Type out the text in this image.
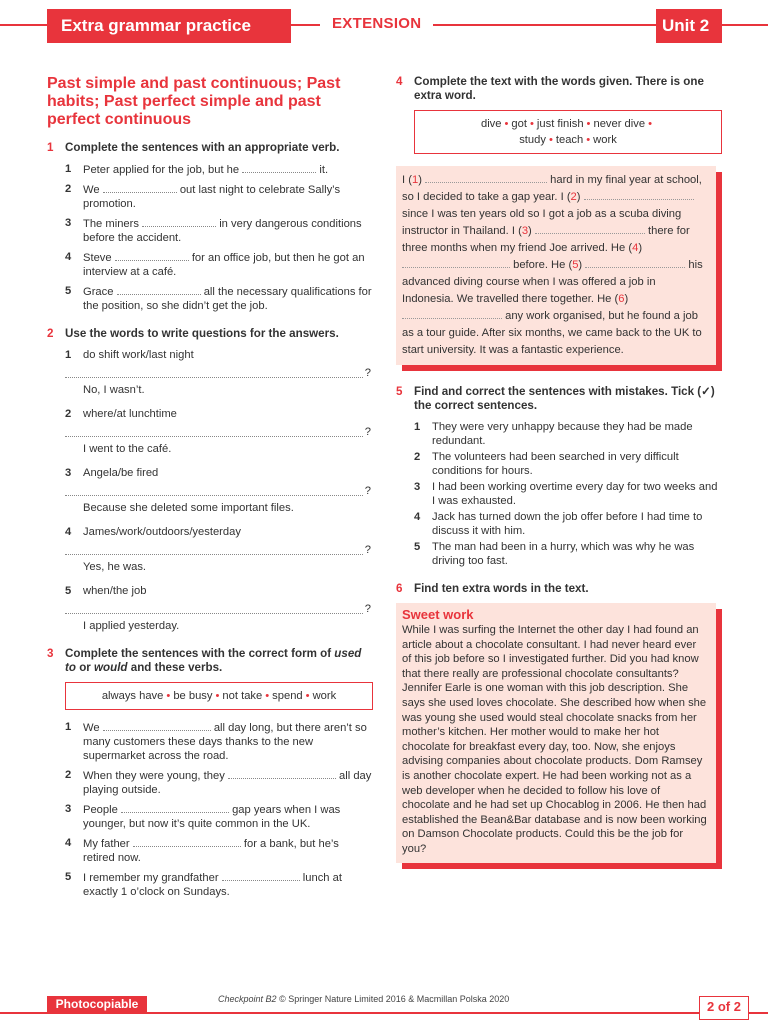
Extra grammar practice	EXTENSION	Unit 2
Past simple and past continuous; Past habits; Past perfect simple and past perfect continuous
1 Complete the sentences with an appropriate verb.
1	Peter applied for the job, but he	it.
2	We	out last night to celebrate Sally’s promotion.
3	The miners	in very dangerous conditions before the accident.
4	Steve	for an office job, but then he got an interview at a café.
5	Grace	all the necessary qualifications for the position, so she didn’t get the job.
2 Use the words to write questions for the answers.
1	do shift work/last night
?
No, I wasn’t.
2	where/at lunchtime
?
I went to the café.
3	Angela/be fired
?
Because she deleted some important files.
4	James/work/outdoors/yesterday
?
Yes, he was.
5	when/the job
?
I applied yesterday.
3 Complete the sentences with the correct form of used to or would and these verbs.
always have • be busy • not take • spend • work
1	We	all day long, but there aren’t so many customers these days thanks to the new supermarket across the road.
2	When they were young, they	all day playing outside.
3	People	gap years when I was younger, but now it’s quite common in the UK.
4	My father	for a bank, but he’s retired now.
5	I remember my grandfather	lunch at exactly 1 o’clock on Sundays.
4 Complete the text with the words given. There is one extra word.
dive • got • just finish • never dive •
study • teach • work
I (1)	hard in my final year at school, so I decided to take a gap year. I (2)  since I was ten years old so I got a job as a scuba diving instructor in Thailand. I (3)	there for three months when my friend Joe arrived. He (4)  before. He (5)	his advanced diving course when I was offered a job in Indonesia. We travelled there together. He (6)  any work organised, but he found a job as a tour guide. After six months, we came back to the UK to start university. It was a fantastic experience.
5 Find and correct the sentences with mistakes. Tick (✓) the correct sentences.
1	They were very unhappy because they had be made redundant.
2	The volunteers had been searched in very difficult conditions for hours.
3	I had been working overtime every day for two weeks and I was exhausted.
4	Jack has turned down the job offer before I had time to discuss it with him.
5	The man had been in a hurry, which was why he was driving too fast.
6 Find ten extra words in the text.
Sweet work
While I was surfing the Internet the other day I had found an article about a chocolate consultant. I had never heard ever of this job before so I investigated further. Did you had know that there really are professional chocolate consultants? Jennifer Earle is one woman with this job description. She says she used loves chocolate. She described how when she was young she used would steal chocolate snacks from her mother’s kitchen. Her mother would to make her hot chocolate for breakfast every day, too. Now, she enjoys advising companies about chocolate products. Dom Ramsey is another chocolate expert. He had been working not as a web developer when he decided to follow his love of chocolate and he had set up Chocablog in 2006. He then had established the Bean&Bar database and is now been working on Damson Chocolate products. Could this be the job for you?
Photocopiable	Checkpoint B2 © Springer Nature Limited 2016 & Macmillan Polska 2020	2 of 2
